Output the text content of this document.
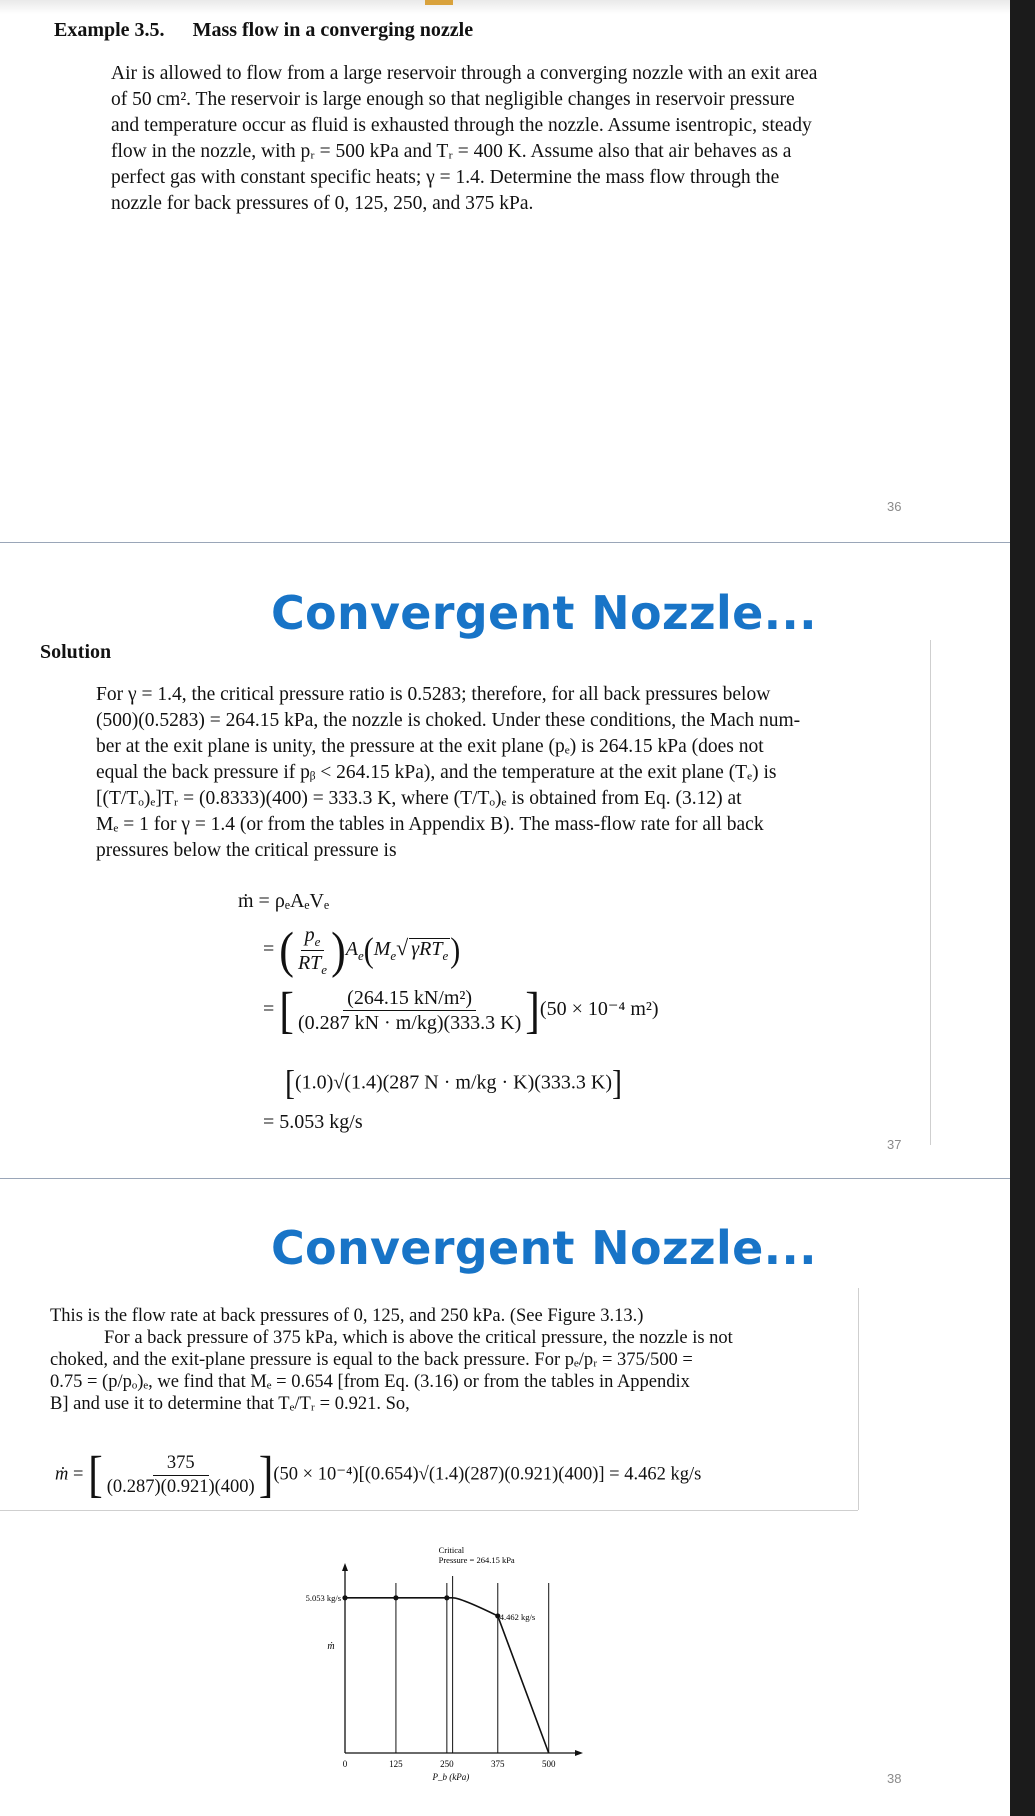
Example 3.5. Mass flow in a converging nozzle
Air is allowed to flow from a large reservoir through a converging nozzle with an exit area
of 50 cm². The reservoir is large enough so that negligible changes in reservoir pressure
and temperature occur as fluid is exhausted through the nozzle. Assume isentropic, steady
flow in the nozzle, with pᵣ = 500 kPa and Tᵣ = 400 K. Assume also that air behaves as a
perfect gas with constant specific heats; γ = 1.4. Determine the mass flow through the
nozzle for back pressures of 0, 125, 250, and 375 kPa.
36
Convergent Nozzle...
Solution
For γ = 1.4, the critical pressure ratio is 0.5283; therefore, for all back pressures below
(500)(0.5283) = 264.15 kPa, the nozzle is choked. Under these conditions, the Mach num-
ber at the exit plane is unity, the pressure at the exit plane (pₑ) is 264.15 kPa (does not
equal the back pressure if pᵦ < 264.15 kPa), and the temperature at the exit plane (Tₑ) is
[(T/Tₒ)ₑ]Tᵣ = (0.8333)(400) = 333.3 K, where (T/Tₒ)ₑ is obtained from Eq. (3.12) at
Mₑ = 1 for γ = 1.4 (or from the tables in Appendix B). The mass-flow rate for all back
pressures below the critical pressure is
ṁ = ρₑAₑVₑ
= ( $\frac{p_e}{RT_e} )A_e(M_e√$ γRT$_e$)
= [ $\frac{\text{(264.15 kN/m²)}}{(0.287 kN \cdot m/kg)(333.3 K)} ](50 \times 10^{-4}$ m²)
[(1.0)√(1.4)(287 N · m/kg · K)(333.3 K)]
= 5.053 kg/s
37
Convergent Nozzle...
This is the flow rate at back pressures of 0, 125, and 250 kPa. (See Figure 3.13.)
For a back pressure of 375 kPa, which is above the critical pressure, the nozzle is not
choked, and the exit-plane pressure is equal to the back pressure. For pₑ/pᵣ = 375/500 =
0.75 = (p/pₒ)ₑ, we find that Mₑ = 0.654 [from Eq. (3.16) or from the tables in Appendix
B] and use it to determine that Tₑ/Tᵣ = 0.921. So,
ṁ = [ $\frac{375}{(0.287)(0.921)(400)} ](50 \times 10^{-4})[(0.654)√(1.4)(287)(0.921)(400)] = 4.462$ kg/s
0	125	250	375	500
5.053 kg/s
4.462 kg/s
Critical
Pressure = 264.15 kPa
P_b (kPa)
ṁ
38
